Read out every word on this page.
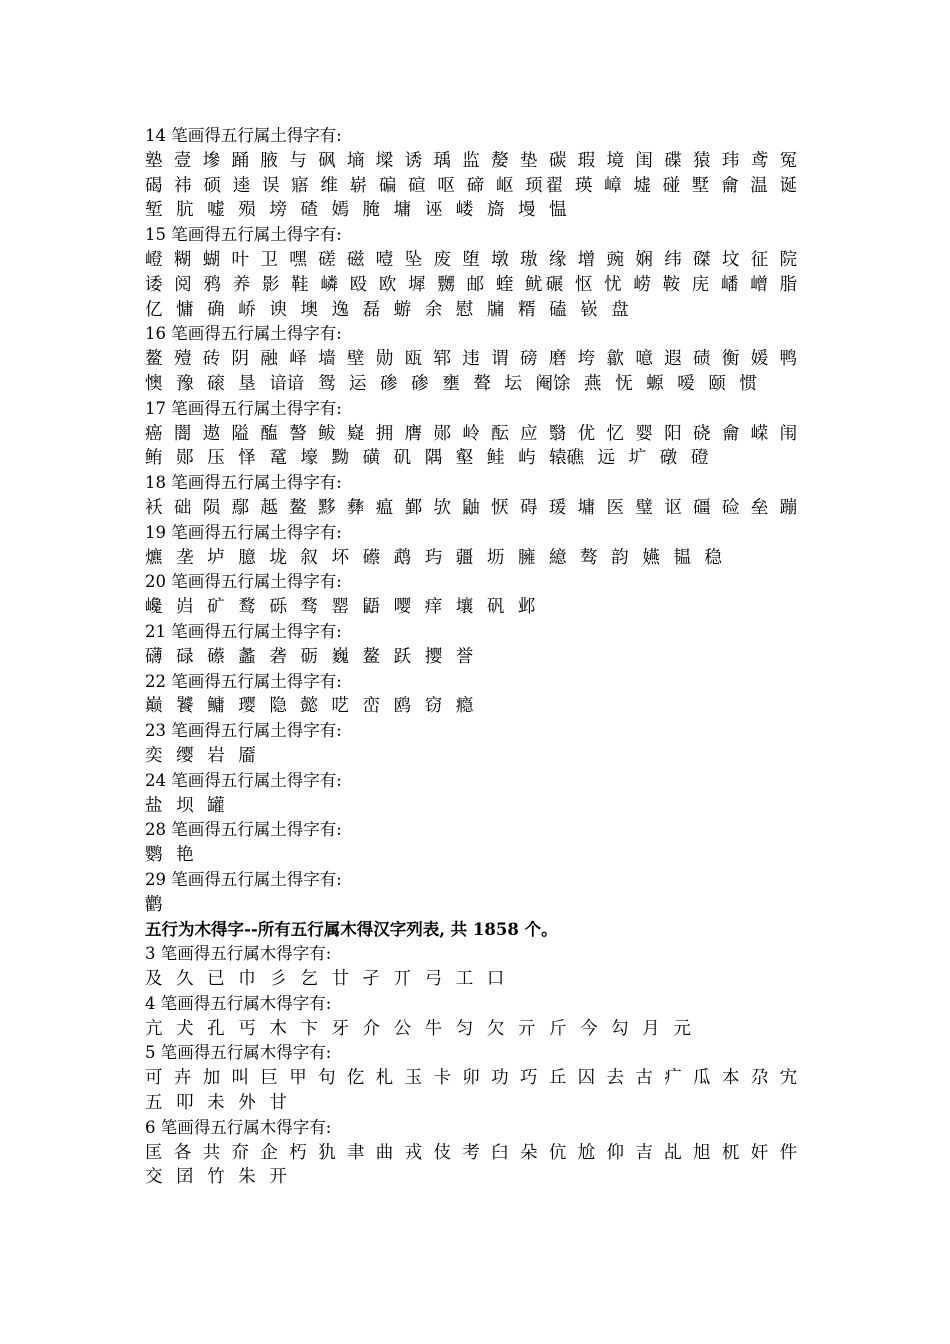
14 笔画得五行属土得字有:
塾 壹 墋 踊 腋 与 砜 墒 墚 诱 瑀 监 嫠 垫 碳 瑕 境 闺 碟 猿 玮 鸢 冤
碣 祎 硕 逵 误 寤 维 崭 碥 碹 呕 碲 岖 顼翟 瑛 嶂 墟 碰 墅 龠 温 诞
堑 肮 嘘 殒 塝 碴 嫣 腌 墉 诬 嵝 旖 墁 愠
15 笔画得五行属土得字有:
嶝 糊 蝴 叶 卫 嘿 磋 磁 噎 坠 废 堕 墩 璈 缘 增 豌 娴 纬 磔 坟 征 院
诿 阅 鸦 养 影 鞋 嶙 殴 欧 墀 嬲 邮 蝰 鱿碾 怄 忧 崂 鞍 庑 嶓 嶒 脂
亿 慵 确 峤 谀 墺 逸 磊 蝣 余 慰 牖 糈 磕 嵚 盘
16 笔画得五行属土得字有:
鳌 殪 砖 阴 融 峄 墙 壁 勋 瓯 郓 违 谓 磅 磨 垮 歙 噫 遐 碛 衡 媛 鸭
懊 豫 磙 垦 谙谙 鸳 运 碜 碜 壅 聱 坛 阉馀 燕 怃 螈 嗳 颐 惯
17 笔画得五行属土得字有:
癌 闇 遨 隘 醢 謷 鲅 嶷 拥 膺 郧 岭 酝 应 翳 优 忆 婴 阳 硗 龠 嵘 闱
鲔 郧 压 怿 鼋 壕 黝 磺 矶 隅 壑 鲑 屿 辕礁 远 圹 礅 磴
18 笔画得五行属土得字有:
袄 础 陨 鄢 趆 鳌 黟 彝 瘟 鄞 欤 鼬 恹 碍 瑗 墉 医 璧 讴 礓 硷 垒 蹦
19 笔画得五行属土得字有:
爊 垄 垆 臆 垅 叙 坏 礤 鹉 玙 疆 坜 臃 繶 骜 韵 嬿 韫 稳
20 笔画得五行属土得字有:
巉 岿 矿 鹜 砾 骛 罂 鼯 嘤 痒 壤 矾 邺
21 笔画得五行属土得字有:
礴 碌 礤 蠡 砻 砺 巍 鳌 跃 撄 誉
22 笔画得五行属土得字有:
巅 饕 鳙 璎 隐 懿 呓 峦 鸥 窃 瘾
23 笔画得五行属土得字有:
奕 缨 岩 靥
24 笔画得五行属土得字有:
盐 坝 罐
28 笔画得五行属土得字有:
鹦 艳
29 笔画得五行属土得字有:
鹳
五行为木得字--所有五行属木得汉字列表, 共 1858 个。
3 笔画得五行属木得字有:
及 久 已 巾 彡 乞 廿 孑 丌 弓 工 口
4 笔画得五行属木得字有:
亢 犬 孔 丐 木 卞 牙 介 公 牛 匀 欠 亓 斤 今 勾 月 元
5 笔画得五行属木得字有:
可 卉 加 叫 巨 甲 句 仡 札 玉 卡 卯 功 巧 丘 囚 去 古 疒 瓜 本 尕 宄
五 叩 未 外 甘
6 笔画得五行属木得字有:
匡 各 共 夼 企 朽 犰 聿 曲 戎 伎 考 臼 朵 伉 尬 仰 吉 乩 旭 杌 奸 件
交 囝 竹 朱 开
